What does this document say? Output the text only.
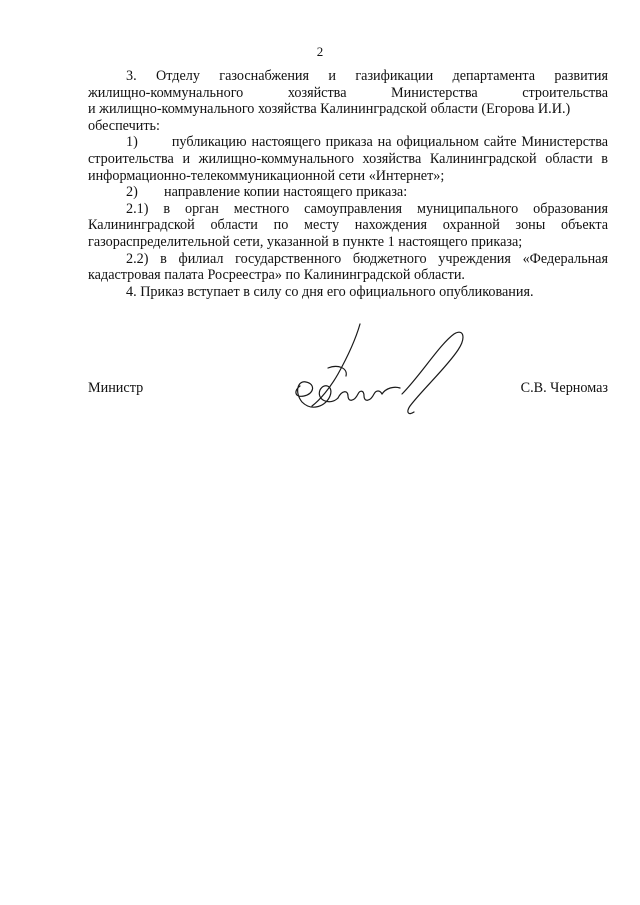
2

3. Отделу газоснабжения и газификации департамента развития

жилищно-коммунального хозяйства Министерства строительства

и жилищно-коммунального хозяйства Калининградской области (Егорова И.И.)

обеспечить:

1) публикацию настоящего приказа на официальном сайте Министерства строительства и жилищно-коммунального хозяйства Калининградской области в информационно-телекоммуникационной сети «Интернет»;
2)	направление копии настоящего приказа:

2.1) в орган местного самоуправления муниципального образования Калининградской области по месту нахождения охранной зоны объекта газораспределительной сети, указанной в пункте 1 настоящего приказа;

2.2) в филиал государственного бюджетного учреждения «Федеральная кадастровая палата Росреестра» по Калининградской области.

4. Приказ вступает в силу со дня его официального опубликования.

Министр	С.В. Черномаз
